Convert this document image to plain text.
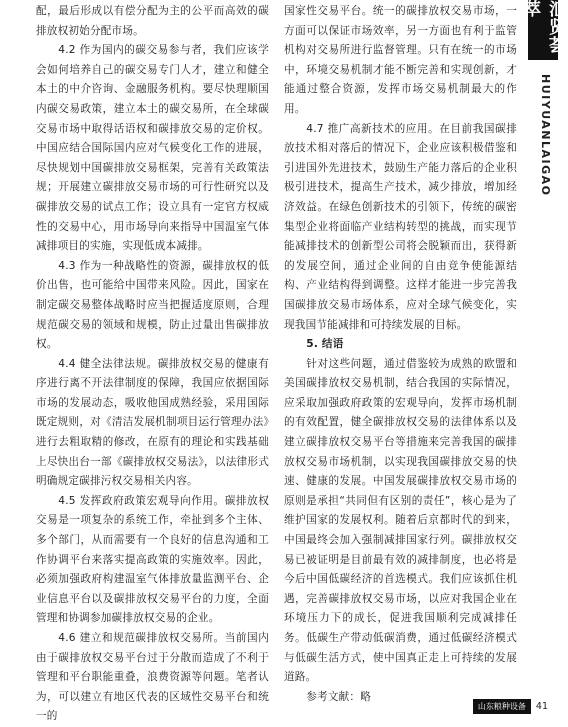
配，最后形成以有偿分配为主的公平而高效的碳排放权初始分配市场。

4.2 作为国内的碳交易参与者，我们应该学会如何培养自己的碳交易专门人才，建立和健全本土的中介咨询、金融服务机构。要尽快理顺国内碳交易政策，建立本土的碳交易所，在全球碳交易市场中取得话语权和碳排放交易的定价权。中国应结合国际国内应对气候变化工作的进展，尽快规划中国碳排放交易框架，完善有关政策法规；开展建立碳排放交易市场的可行性研究以及碳排放交易的试点工作；设立具有一定官方权威性的交易中心，用市场导向来指导中国温室气体减排项目的实施，实现低成本减排。

4.3 作为一种战略性的资源，碳排放权的低价出售，也可能给中国带来风险。因此，国家在制定碳交易整体战略时应当把握适度原则，合理规范碳交易的领域和规模，防止过量出售碳排放权。

4.4 健全法律法规。碳排放权交易的健康有序进行离不开法律制度的保障，我国应依据国际市场的发展动态，吸收他国成熟经验，采用国际既定规则，对《清洁发展机制项目运行管理办法》进行去粗取精的修改，在原有的理论和实践基础上尽快出台一部《碳排放权交易法》，以法律形式明确规定碳排污权交易相关内容。

4.5 发挥政府政策宏观导向作用。碳排放权交易是一项复杂的系统工作，牵扯到多个主体、多个部门，从而需要有一个良好的信息沟通和工作协调平台来落实提高政策的实施效率。因此，必须加强政府构建温室气体排放量监测平台、企业信息平台以及碳排放权交易平台的力度，全面管理和协调参加碳排放权交易的企业。

4.6 建立和规范碳排放权交易所。当前国内由于碳排放权交易平台过于分散而造成了不利于管理和平台职能重叠，浪费资源等问题。笔者认为，可以建立有地区代表的区域性交易平台和统一的

国家性交易平台。统一的碳排放权交易市场，一方面可以保证市场效率，另一方面也有利于监管机构对交易所进行监督管理。只有在统一的市场中，环境交易机制才能不断完善和实现创新，才能通过整合资源，发挥市场交易机制最大的作用。

4.7 推广高新技术的应用。在目前我国碳排放技术相对落后的情况下，企业应该积极借鉴和引进国外先进技术，鼓励生产能力落后的企业积极引进技术，提高生产技术，减少排放，增加经济效益。在绿色创新技术的引领下，传统的碳密集型企业将面临产业结构转型的挑战，而实现节能减排技术的创新型公司将会脱颖而出，获得新的发展空间，通过企业间的自由竞争使能源结构、产业结构得到调整。这样才能进一步完善我国碳排放交易市场体系，应对全球气候变化，实现我国节能减排和可持续发展的目标。

5. 结语

针对这些问题，通过借鉴较为成熟的欧盟和美国碳排放权交易机制，结合我国的实际情况，应采取加强政府政策的宏观导向，发挥市场机制的有效配置，健全碳排放权交易的法律体系以及建立碳排放权交易平台等措施来完善我国的碳排放权交易市场机制，以实现我国碳排放交易的快速、健康的发展。中国发展碳排放权交易市场的原则是承担“共同但有区别的责任”，核心是为了维护国家的发展权利。随着后京都时代的到来，中国最终会加入强制减排国家行列。碳排放权交易已被证明是目前最有效的减排制度，也必将是今后中国低碳经济的首选模式。我们应该抓住机遇，完善碳排放权交易市场，以应对我国企业在环境压力下的成长，促进我国顺利完成减排任务。低碳生产带动低碳消费，通过低碳经济模式与低碳生活方式，使中国真正走上可持续的发展道路。

参考文献：略

汇贤荟萃
HUIYUANLAIGAO
山东粮种设备	41
